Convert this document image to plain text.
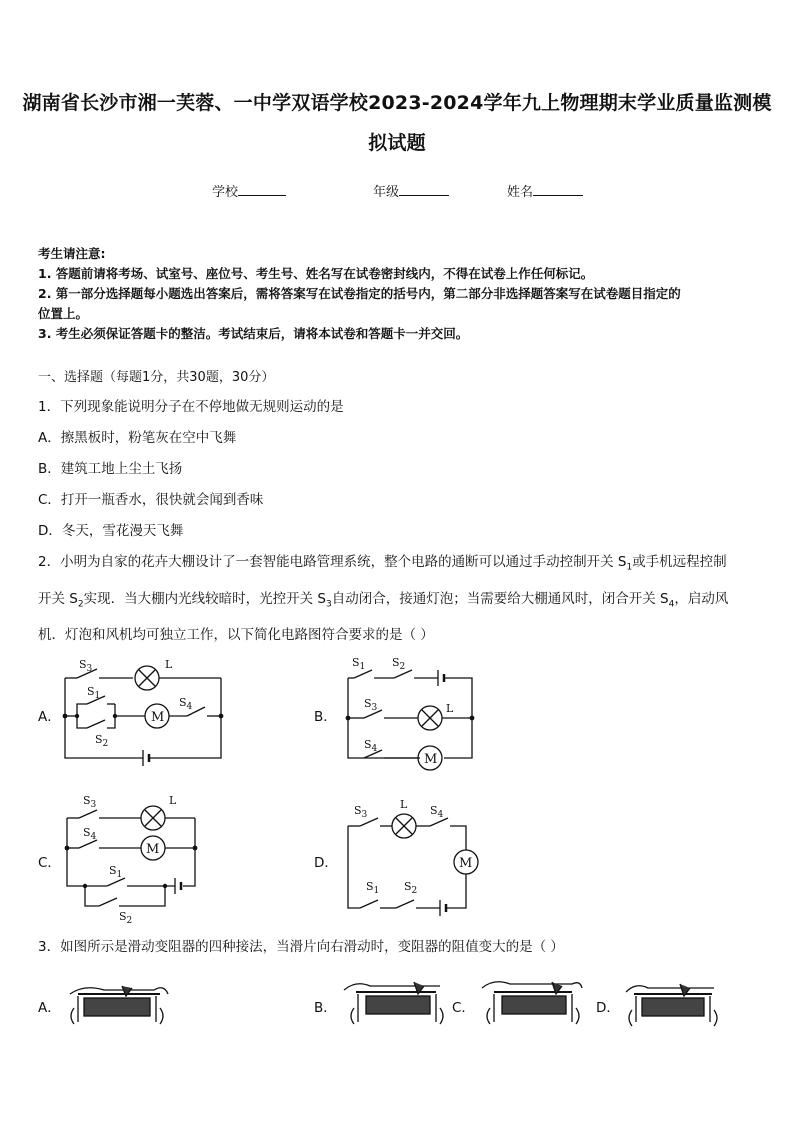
湖南省长沙市湘一芙蓉、一中学双语学校2023-2024学年九上物理期末学业质量监测模
拟试题
学校	年级	姓名
考生请注意:
1. 答题前请将考场、试室号、座位号、考生号、姓名写在试卷密封线内，不得在试卷上作任何标记。
2. 第一部分选择题每小题选出答案后，需将答案写在试卷指定的括号内，第二部分非选择题答案写在试卷题目指定的
位置上。
3. 考生必须保证答题卡的整洁。考试结束后，请将本试卷和答题卡一并交回。
一、选择题（每题1分，共30题，30分）
1．下列现象能说明分子在不停地做无规则运动的是
A．擦黑板时，粉笔灰在空中飞舞
B．建筑工地上尘土飞扬
C．打开一瓶香水，很快就会闻到香味
D．冬天，雪花漫天飞舞
2．小明为自家的花卉大棚设计了一套智能电路管理系统，整个电路的通断可以通过手动控制开关 $S_1$或手机远程控制
开关 $S_2$实现．当大棚内光线较暗时，光控开关 $S_3$自动闭合，接通灯泡；当需要给大棚通风时，闭合开关 $S_4$，启动风
机．灯泡和风机均可独立工作，以下简化电路图符合要求的是（ ）
A．	B．
C．	D．
$S_3$	L
$S_1$
$S_2$
$S_4$
M
$S_1$ $S_2$
$S_3$	L
$S_4$
M
$S_3$	L
$S_4$
M
$S_1$
$S_2$
$S_3$
L $S_4$
M
$S_1$ $S_2$
3．如图所示是滑动变阻器的四种接法，当滑片向右滑动时，变阻器的阻值变大的是（ ）
A．	B．	C．	D．
